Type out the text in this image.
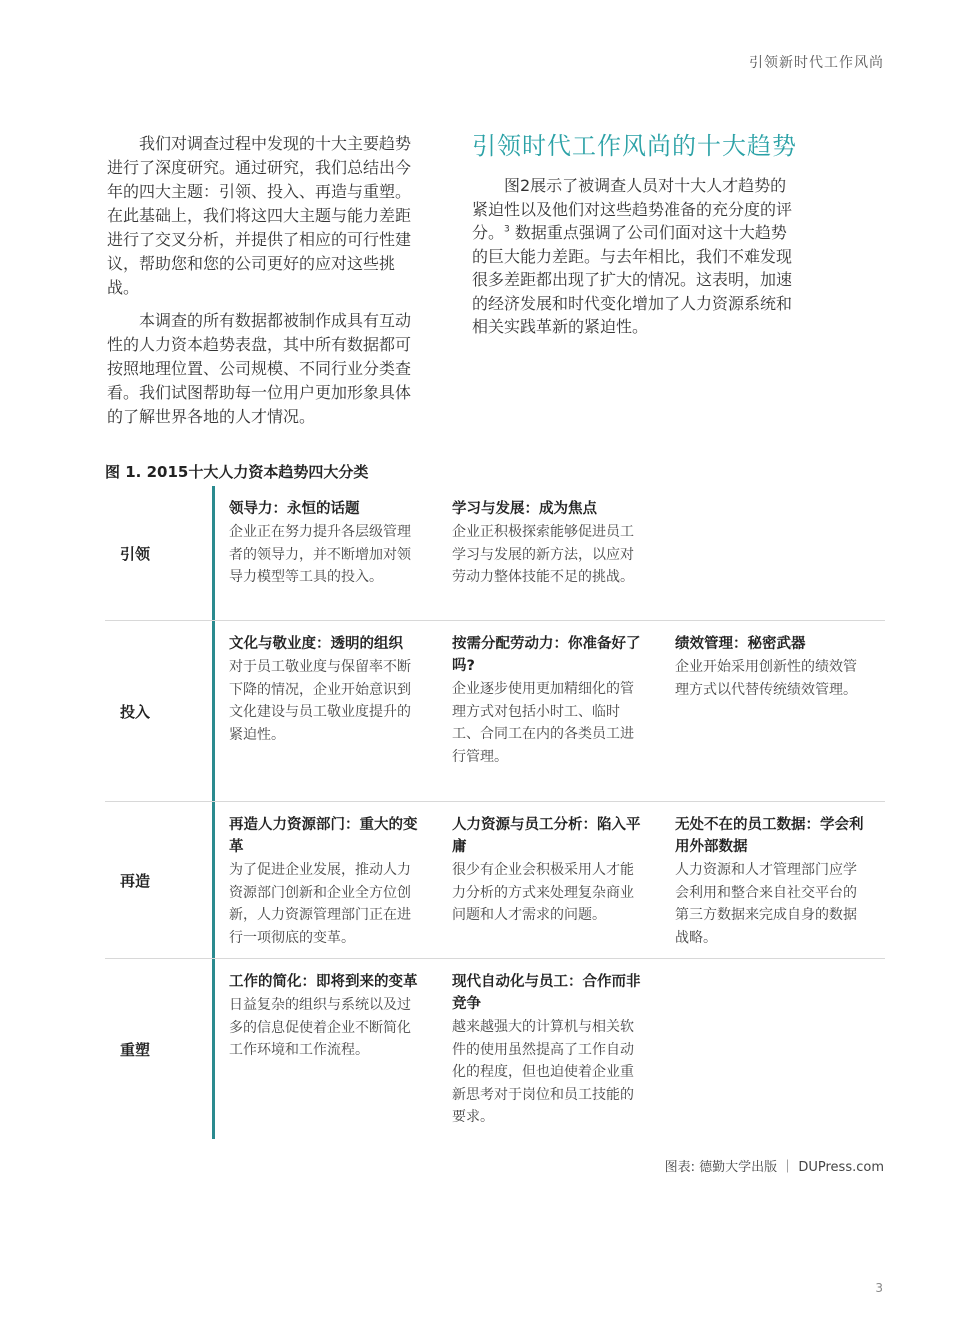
引领新时代工作风尚

我们对调查过程中发现的十大主要趋势进行了深度研究。通过研究，我们总结出今年的四大主题：引领、投入、再造与重塑。在此基础上，我们将这四大主题与能力差距进行了交叉分析，并提供了相应的可行性建议，帮助您和您的公司更好的应对这些挑战。

本调查的所有数据都被制作成具有互动性的人力资本趋势表盘，其中所有数据都可按照地理位置、公司规模、不同行业分类查看。我们试图帮助每一位用户更加形象具体的了解世界各地的人才情况。

引领时代工作风尚的十大趋势

图2展示了被调查人员对十大人才趋势的紧迫性以及他们对这些趋势准备的充分度的评分。$^3$ 数据重点强调了公司们面对这十大趋势的巨大能力差距。与去年相比，我们不难发现很多差距都出现了扩大的情况。这表明，加速的经济发展和时代变化增加了人力资源系统和相关实践革新的紧迫性。

图 1. 2015十大人力资本趋势四大分类
引领
领导力：永恒的话题
企业正在努力提升各层级管理者的领导力，并不断增加对领导力模型等工具的投入。
学习与发展：成为焦点
企业正积极探索能够促进员工学习与发展的新方法，以应对劳动力整体技能不足的挑战。
投入
文化与敬业度：透明的组织
对于员工敬业度与保留率不断下降的情况，企业开始意识到文化建设与员工敬业度提升的紧迫性。
按需分配劳动力：你准备好了吗?
企业逐步使用更加精细化的管理方式对包括小时工、临时工、合同工在内的各类员工进行管理。
绩效管理：秘密武器
企业开始采用创新性的绩效管理方式以代替传统绩效管理。
再造
再造人力资源部门：重大的变革
为了促进企业发展，推动人力资源部门创新和企业全方位创新，人力资源管理部门正在进行一项彻底的变革。
人力资源与员工分析：陷入平庸
很少有企业会积极采用人才能力分析的方式来处理复杂商业问题和人才需求的问题。
无处不在的员工数据：学会利用外部数据
人力资源和人才管理部门应学会利用和整合来自社交平台的第三方数据来完成自身的数据战略。
重塑
工作的简化：即将到来的变革
日益复杂的组织与系统以及过多的信息促使着企业不断简化工作环境和工作流程。
现代自动化与员工：合作而非竞争
越来越强大的计算机与相关软件的使用虽然提高了工作自动化的程度，但也迫使着企业重新思考对于岗位和员工技能的要求。
图表: 德勤大学出版 ｜ DUPress.com
3
